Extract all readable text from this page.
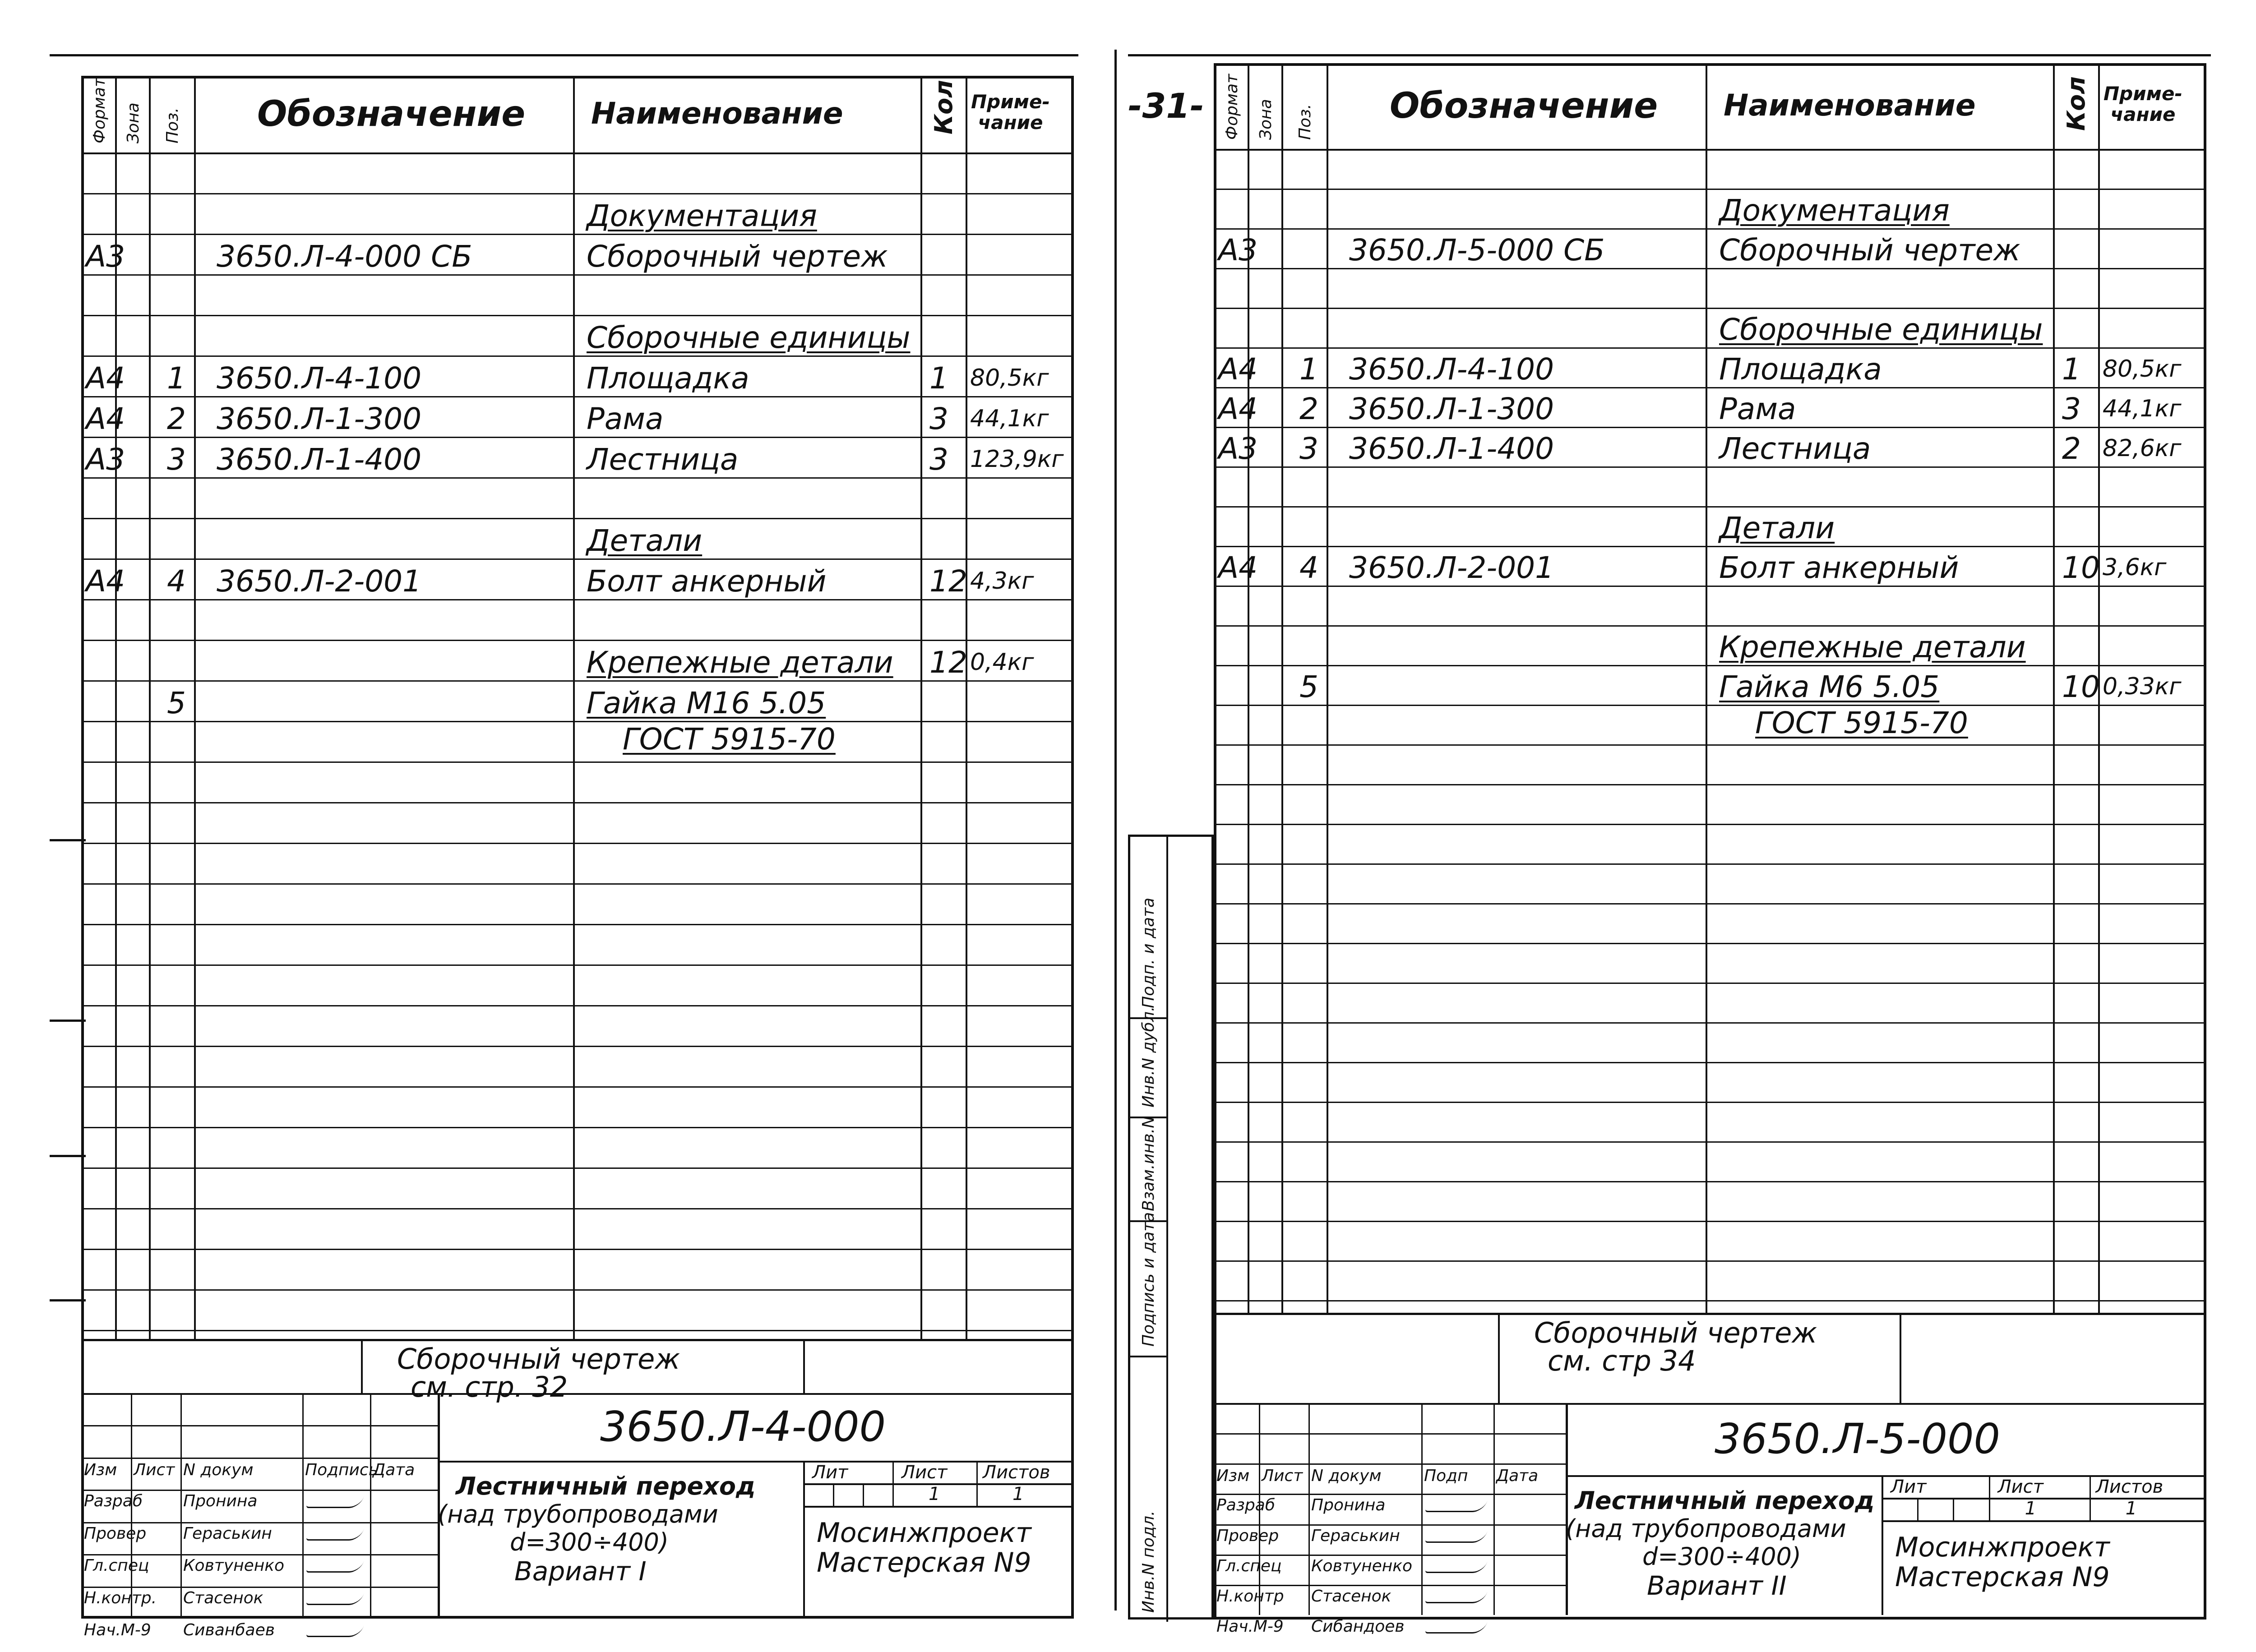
Формат Зона Поз. Обозначение Наименование	Кол Приме-
чание
Документация
А3	3650.Л-4-000 СБ	Сборочный чертеж
Сборочные единицы
А4 1 3650.Л-4-100	Площадка	1 80,5кг
А4 2 3650.Л-1-300	Рама	3 44,1кг
А3 3 3650.Л-1-400	Лестница	3 123,9кг
Детали
А4 4 3650.Л-2-001	Болт анкерный	12 4,3кг
Крепежные детали 12 0,4кг
5	Гайка М16 5.05
ГОСТ 5915-70
Сборочный чертеж
см. стр. 32
3650.Л-4-000
Изм Лист N докум	Подпись
Дата
Разраб Пронина
Провер Гераськин
Гл.спец Ковтуненко
Н.контр. Стасенок
Нач.М-9 Сиванбаев
Лит	Лист Листов
1	1
Лестничный переход
(над трубопроводами
d=300÷400)
Вариант I
Мосинжпроект
Мастерская N9
Формат Зона Поз. Обозначение Наименование	Кол Приме-
чание
Документация
А3	3650.Л-5-000 СБ	Сборочный чертеж
Сборочные единицы
А4 1 3650.Л-4-100	Площадка	1 80,5кг
А4 2 3650.Л-1-300	Рама	3 44,1кг
А3 3 3650.Л-1-400	Лестница	2 82,6кг
Детали
А4 4 3650.Л-2-001	Болт анкерный	10 3,6кг
Крепежные детали
5	Гайка М6 5.05	10 0,33кг
ГОСТ 5915-70
Сборочный чертеж
см. стр 34
3650.Л-5-000
Изм Лист N докум	Подп Дата
Разраб Пронина
Провер Гераськин
Гл.спец Ковтуненко
Н.контр Стасенок
Нач.М-9 Сибандоев
Лит	Лист	Листов
1	1
Лестничный переход
(над трубопроводами
d=300÷400)
Вариант II
Мосинжпроект
Мастерская N9
Подп. и дата
Инв.N дубл.
Взам.инв.N
Подпись и дата
Инв.N подл.
-31-
